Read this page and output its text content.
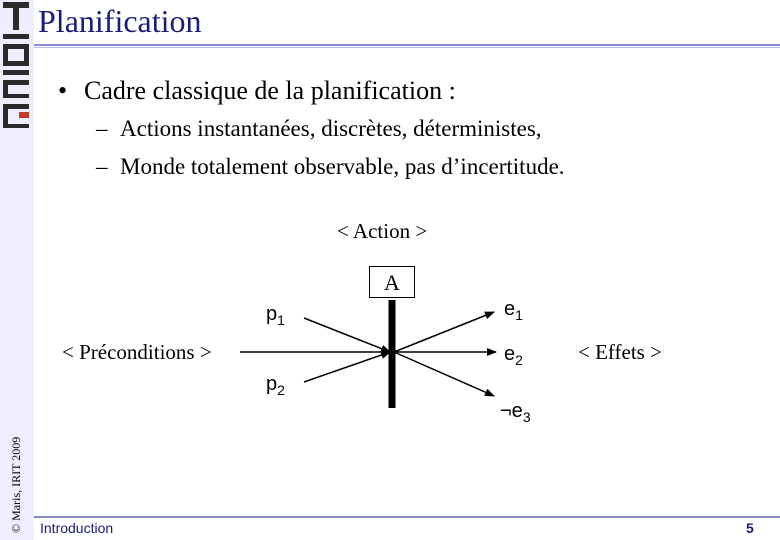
© Maris, IRIT 2009
Planification
• Cadre classique de la planification :
– Actions instantanées, discrètes, déterministes,
– Monde totalement observable, pas d’incertitude.
< Action >
A
< Préconditions >	< Effets >
$p_1$
$p_2$
$e_1$
$e_2$
$\neg e_3$
Introduction	5
